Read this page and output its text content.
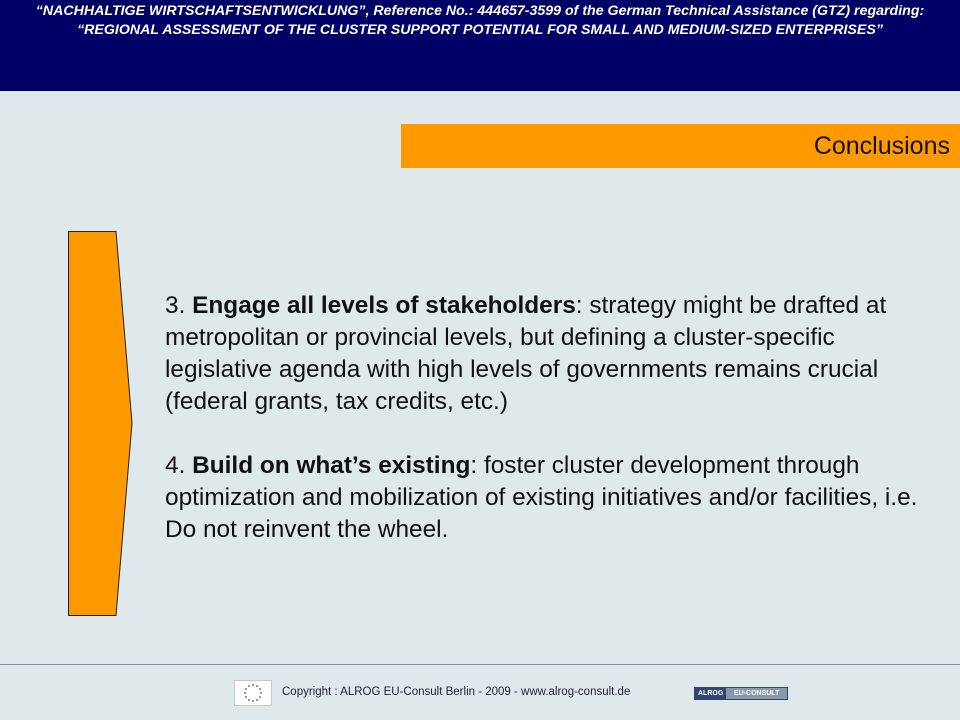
“NACHHALTIGE WIRTSCHAFTSENTWICKLUNG”, Reference No.: 444657-3599 of the German Technical Assistance (GTZ) regarding: “REGIONAL ASSESSMENT OF THE CLUSTER SUPPORT POTENTIAL FOR SMALL AND MEDIUM-SIZED ENTERPRISES”
Conclusions

3. Engage all levels of stakeholders: strategy might be drafted at metropolitan or provincial levels, but defining a cluster-specific legislative agenda with high levels of governments remains crucial (federal grants, tax credits, etc.)

4. Build on what’s existing: foster cluster development through optimization and mobilization of existing initiatives and/or facilities, i.e. Do not reinvent the wheel.

Copyright : ALROG EU-Consult Berlin - 2009 - www.alrog-consult.de	ALROG	EU-CONSULT
